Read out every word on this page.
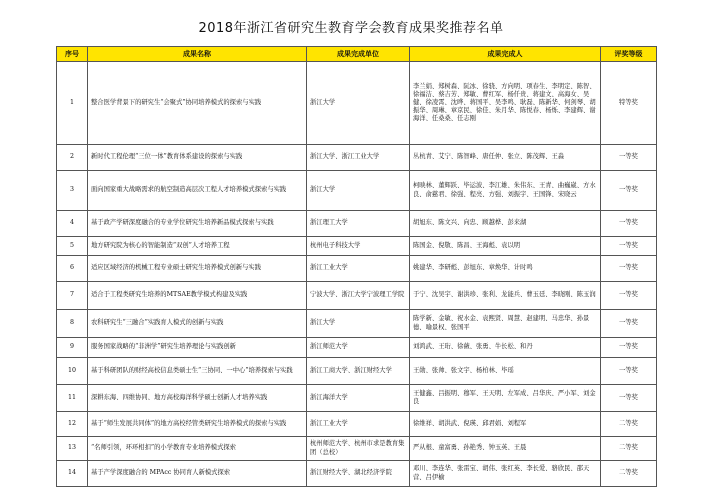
2018年浙江省研究生教育学会教育成果奖推荐名单
序号	成果名称	成果完成单位	成果完成人	评奖等级
1	整合医学背景下的研究生“会聚式”协同培养模式的探索与实践	浙江大学	李兰娟、郑树森、阮冰、徐骁、方向明、项春生、李明定、陈智、徐福洁、蔡吉芳、郑敏、曹红军、杨仟贵、蒋建文、高海女、吴健、徐凌霄、沈晔、蒋国平、吴李鸣、耿磊、陈新华、何剑琴、胡振华、周琳、章京民、徐佳、朱月华、陈悦春、杨烁、李建辉、谢海洋、任桑桑、任志刚	特等奖
2	新时代工程伦理“三位一体”教育体系建设的探索与实践	浙江大学、浙江工业大学	丛杭青、艾宁、陈智峰、唐任仲、张立、陈茂辉、王淼	一等奖
3	面向国家重大战略需求的航空制造高层次工程人才培养模式探索与实践	浙江大学	柯映林、董辉跃、毕运波、李江雄、朱伟东、王青、曲巍崴、方水良、俞慈君、徐强、程亮、方强、刘振宇、王国锋、宋晓云	一等奖
4	基于政产学研深度融合的专业学位研究生培养新品模式探索与实践	浙江理工大学	胡旭东、陈文兴、向忠、顾越桦、彭来湖	一等奖
5	地方研究院为核心的智能制造“双创”人才培养工程	杭州电子科技大学	陈国金、倪敬、陈昌、王海彪、袁以明	一等奖
6	适应区域经济的机械工程专业硕士研究生培养模式创新与实践	浙江工业大学	姚建华、李研彪、彭旭东、章焕华、计时鸣	一等奖
7	适合于工程类研究生培养的MTSAE教学模式构建及实践	宁波大学、浙江大学宁波理工学院	于宁、沈吴宇、谢洪珍、张利、龙能兵、曹玉廷、李晓刚、陈玉润	一等奖
8	农科研究生“三融合”实践育人模式的创新与实践	浙江大学	陈学新、金敏、祝水金、袁熙贤、周慧、赵建明、马忠华、孙景德、喻景权、张国平	一等奖
9	服务国家战略的“非洲学”研究生培养理论与实践创新	浙江师范大学	刘鸿武、王珩、徐薇、张勇、牛长松、和丹	一等奖
10	基于科研团队的财经高校信息类硕士生“三协同、一中心”培养探索与实践	浙江工商大学、浙江财经大学	王勋、张帅、张文宇、杨柏林、毕瑶	一等奖
11	深耕东海、四维协同、地方高校海洋科学硕士创新人才培养实践	浙江海洋大学	王健鑫、吕振明、穆军、王天明、左军成、吕华庆、严小军、刘金良	一等奖
12	基于“师生发展共同体”的地方高校经管类研究生培养模式的探索与实践	浙江工业大学	徐维祥、胡洪武、倪瑛、邱君娟、刘程军	二等奖
13	“名师引领，环环相扣”的小学教育专业培养模式探索	杭州师范大学、杭州市求是教育集团（总校）	严从根、童富勇、孙艳秀、钟玉英、王晨	二等奖
14	基于产学深度融合的 MPAcc 协同育人新模式探索	浙江财经大学、湖北经济学院	邓川、李连华、张雷宝、胡伟、张红英、李长爱、骆欣民、邵天营、吕伊榆	二等奖
